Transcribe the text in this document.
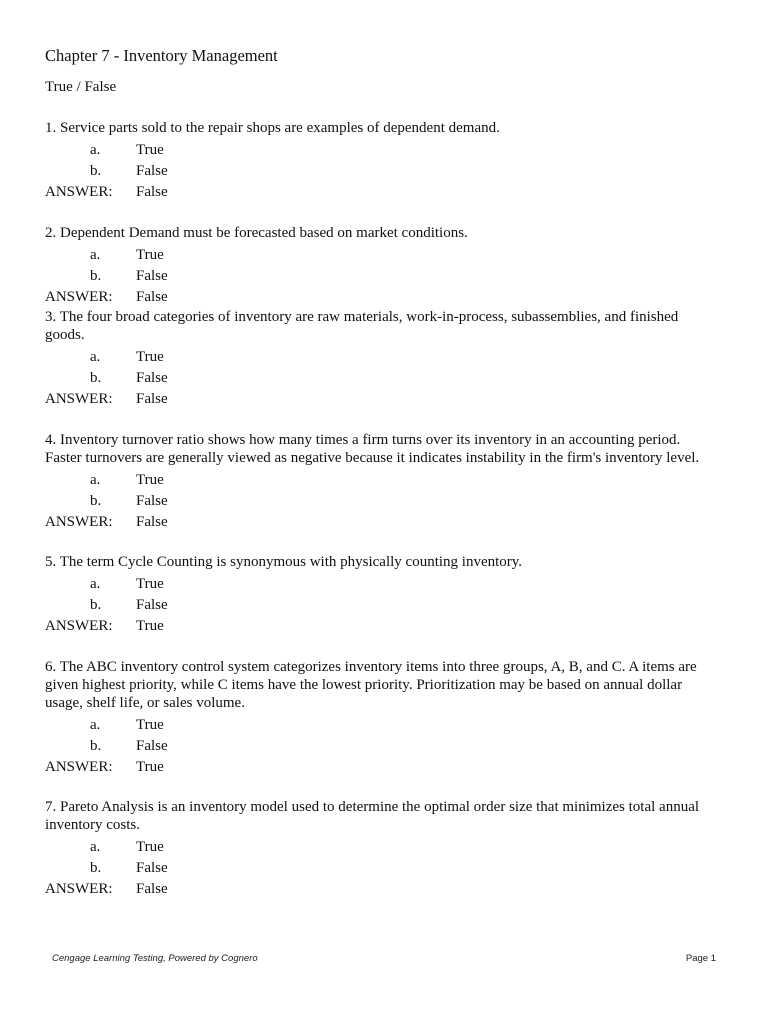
Chapter 7 - Inventory Management
True / False

1. Service parts sold to the repair shops are examples of dependent demand.

a. True
b. False
ANSWER: False

2. Dependent Demand must be forecasted based on market conditions.

a. True
b. False
ANSWER: False

3. The four broad categories of inventory are raw materials, work-in-process, subassemblies, and finished goods.

a. True
b. False
ANSWER: False

4. Inventory turnover ratio shows how many times a firm turns over its inventory in an accounting period. Faster turnovers are generally viewed as negative because it indicates instability in the firm's inventory level.

a. True
b. False
ANSWER: False

5. The term Cycle Counting is synonymous with physically counting inventory.

a. True
b. False
ANSWER: True

6. The ABC inventory control system categorizes inventory items into three groups, A, B, and C. A items are given highest priority, while C items have the lowest priority. Prioritization may be based on annual dollar usage, shelf life, or sales volume.

a. True
b. False
ANSWER: True

7. Pareto Analysis is an inventory model used to determine the optimal order size that minimizes total annual inventory costs.

a. True
b. False
ANSWER: False
Cengage Learning Testing, Powered by Cognero	Page 1
